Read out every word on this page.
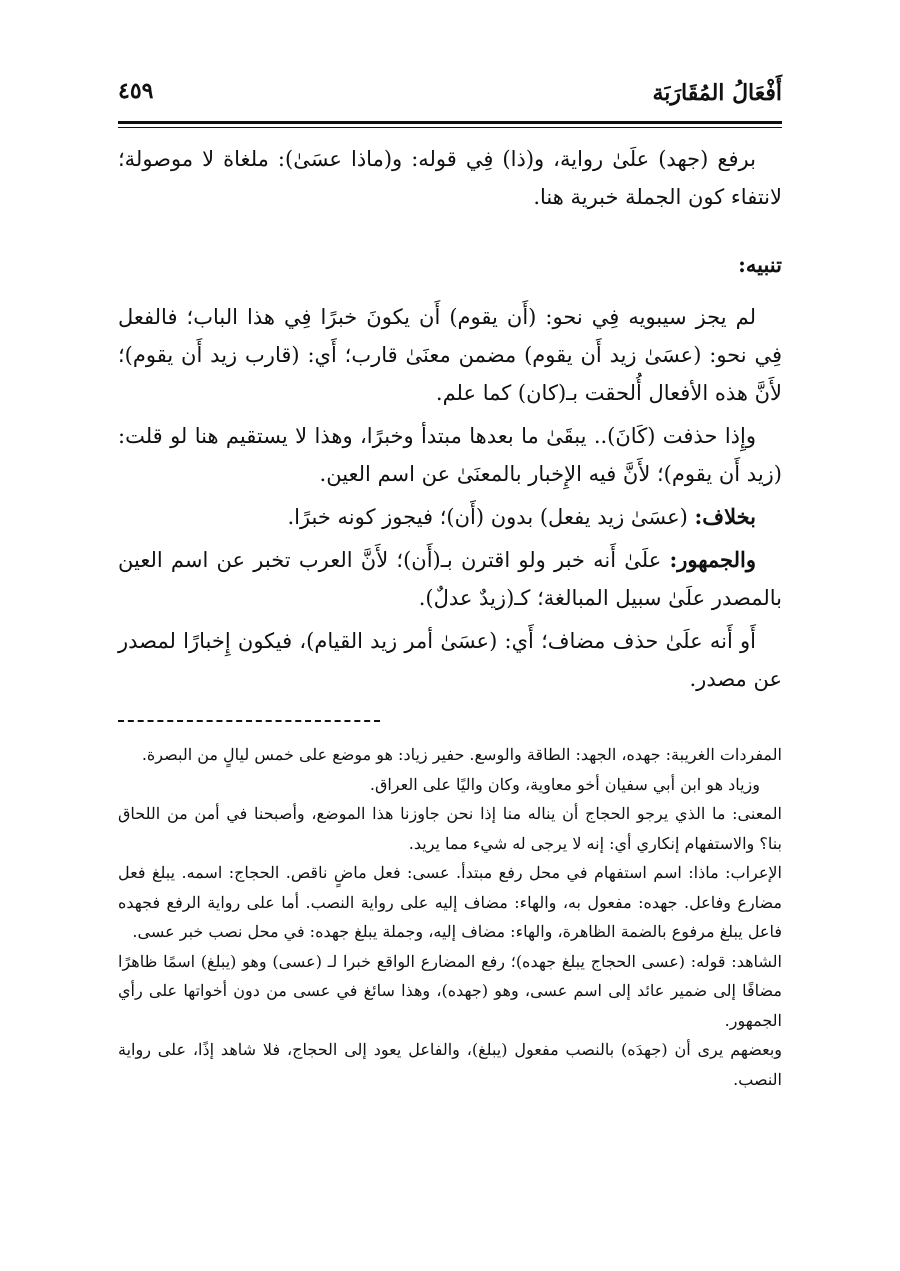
أَفْعَالُ المُقَارَبَة
٤٥٩

برفع (جهد) علَىٰ رواية، و(ذا) فِي قوله: و(ماذا عسَىٰ): ملغاة لا موصولة؛ لانتفاء كون الجملة خبرية هنا.

تنبيه:

لم يجز سيبويه فِي نحو: (أَن يقوم) أَن يكونَ خبرًا فِي هذا الباب؛ فالفعل فِي نحو: (عسَىٰ زيد أَن يقوم) مضمن معنَىٰ قارب؛ أَي: (قارب زيد أَن يقوم)؛ لأَنَّ هذه الأفعال أُلحقت بـ(كان) كما علم.

وإِذا حذفت (كَانَ).. يبقَىٰ ما بعدها مبتدأ وخبرًا، وهذا لا يستقيم هنا لو قلت: (زيد أَن يقوم)؛ لأَنَّ فيه الإِخبار بالمعنَىٰ عن اسم العين.

بخلاف: (عسَىٰ زيد يفعل) بدون (أَن)؛ فيجوز كونه خبرًا.

والجمهور: علَىٰ أَنه خبر ولو اقترن بـ(أَن)؛ لأَنَّ العرب تخبر عن اسم العين بالمصدر علَىٰ سبيل المبالغة؛ كـ(زيدٌ عدلٌ).

أَو أَنه علَىٰ حذف مضاف؛ أَي: (عسَىٰ أمر زيد القيام)، فيكون إِخبارًا لمصدر عن مصدر.

المفردات الغريبة: جهده، الجهد: الطاقة والوسع. حفير زياد: هو موضع على خمس ليالٍ من البصرة.

وزياد هو ابن أبي سفيان أخو معاوية، وكان واليًا على العراق.

المعنى: ما الذي يرجو الحجاج أن يناله منا إذا نحن جاوزنا هذا الموضع، وأصبحنا في أمن من اللحاق بنا؟ والاستفهام إنكاري أي: إنه لا يرجى له شيء مما يريد.

الإعراب: ماذا: اسم استفهام في محل رفع مبتدأ. عسى: فعل ماضٍ ناقص. الحجاج: اسمه. يبلغ فعل مضارع وفاعل. جهده: مفعول به، والهاء: مضاف إليه على رواية النصب. أما على رواية الرفع فجهده فاعل يبلغ مرفوع بالضمة الظاهرة، والهاء: مضاف إليه، وجملة يبلغ جهده: في محل نصب خبر عسى.

الشاهد: قوله: (عسى الحجاج يبلغ جهده)؛ رفع المضارع الواقع خبرا لـ (عسى) وهو (يبلغ) اسمًا ظاهرًا مضافًا إلى ضمير عائد إلى اسم عسى، وهو (جهده)، وهذا سائغ في عسى من دون أخواتها على رأي الجمهور.

وبعضهم يرى أن (جهدَه) بالنصب مفعول (يبلغ)، والفاعل يعود إلى الحجاج، فلا شاهد إذًا، على رواية النصب.
